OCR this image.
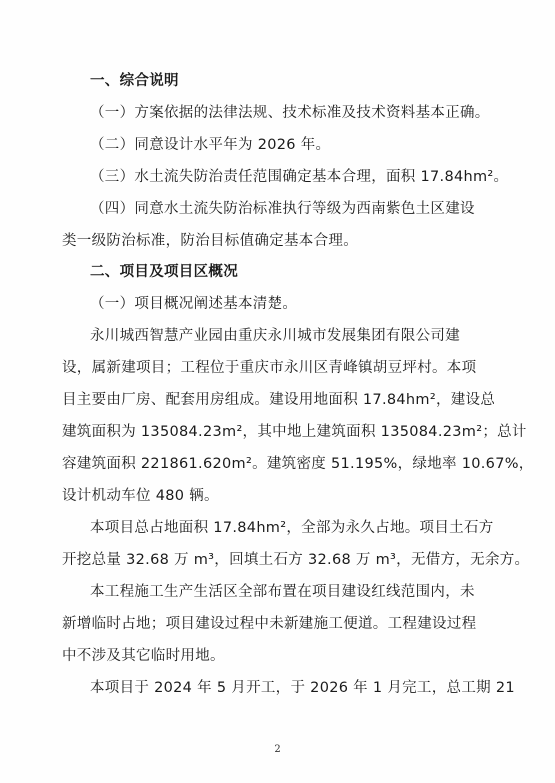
一、综合说明
（一）方案依据的法律法规、技术标准及技术资料基本正确。
（二）同意设计水平年为 2026 年。
（三）水土流失防治责任范围确定基本合理，面积 17.84hm²。
（四）同意水土流失防治标准执行等级为西南紫色土区建设
类一级防治标准，防治目标值确定基本合理。
二、项目及项目区概况
（一）项目概况阐述基本清楚。
永川城西智慧产业园由重庆永川城市发展集团有限公司建
设，属新建项目；工程位于重庆市永川区青峰镇胡豆坪村。本项
目主要由厂房、配套用房组成。建设用地面积 17.84hm²，建设总
建筑面积为 135084.23m²，其中地上建筑面积 135084.23m²；总计
容建筑面积 221861.620m²。建筑密度 51.195%，绿地率 10.67%，
设计机动车位 480 辆。
本项目总占地面积 17.84hm²，全部为永久占地。项目土石方
开挖总量 32.68 万 m³，回填土石方 32.68 万 m³，无借方，无余方。
本工程施工生产生活区全部布置在项目建设红线范围内，未
新增临时占地；项目建设过程中未新建施工便道。工程建设过程
中不涉及其它临时用地。
本项目于 2024 年 5 月开工，于 2026 年 1 月完工，总工期 21
2
